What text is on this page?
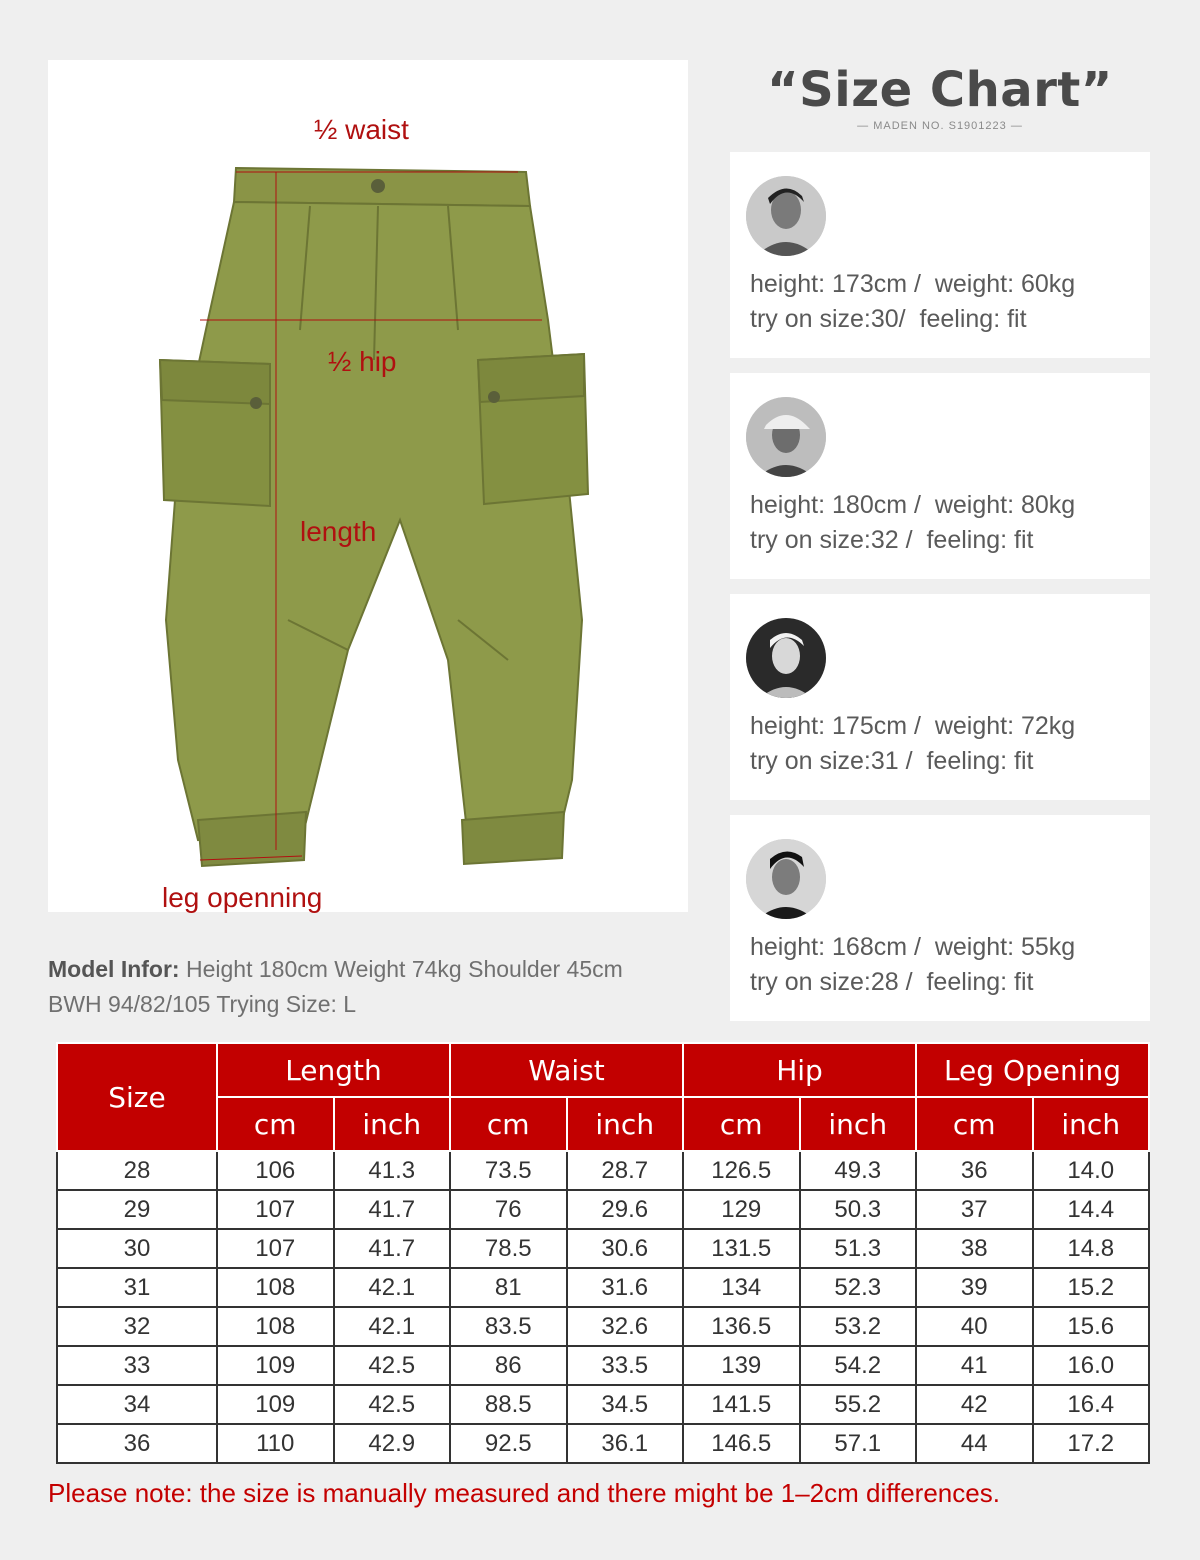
½ waist
½ hip
length
leg openning
“Size Chart”
— MADEN NO. S1901223 —
height: 173cm /  weight: 60kg
try on size:30/  feeling: fit
height: 180cm /  weight: 80kg
try on size:32 /  feeling: fit
height: 175cm /  weight: 72kg
try on size:31 /  feeling: fit
height: 168cm /  weight: 55kg
try on size:28 /  feeling: fit
Model Infor: Height 180cm Weight 74kg Shoulder 45cm
BWH 94/82/105 Trying Size: L
Size	Length		Waist		Hip		Leg Opening	
	cm	inch	cm	inch	cm	inch	cm	inch
28	106	41.3	73.5	28.7	126.5	49.3	36	14.0
29	107	41.7	76	29.6	129	50.3	37	14.4
30	107	41.7	78.5	30.6	131.5	51.3	38	14.8
31	108	42.1	81	31.6	134	52.3	39	15.2
32	108	42.1	83.5	32.6	136.5	53.2	40	15.6
33	109	42.5	86	33.5	139	54.2	41	16.0
34	109	42.5	88.5	34.5	141.5	55.2	42	16.4
36	110	42.9	92.5	36.1	146.5	57.1	44	17.2
Please note: the size is manually measured and there might be 1–2cm differences.
